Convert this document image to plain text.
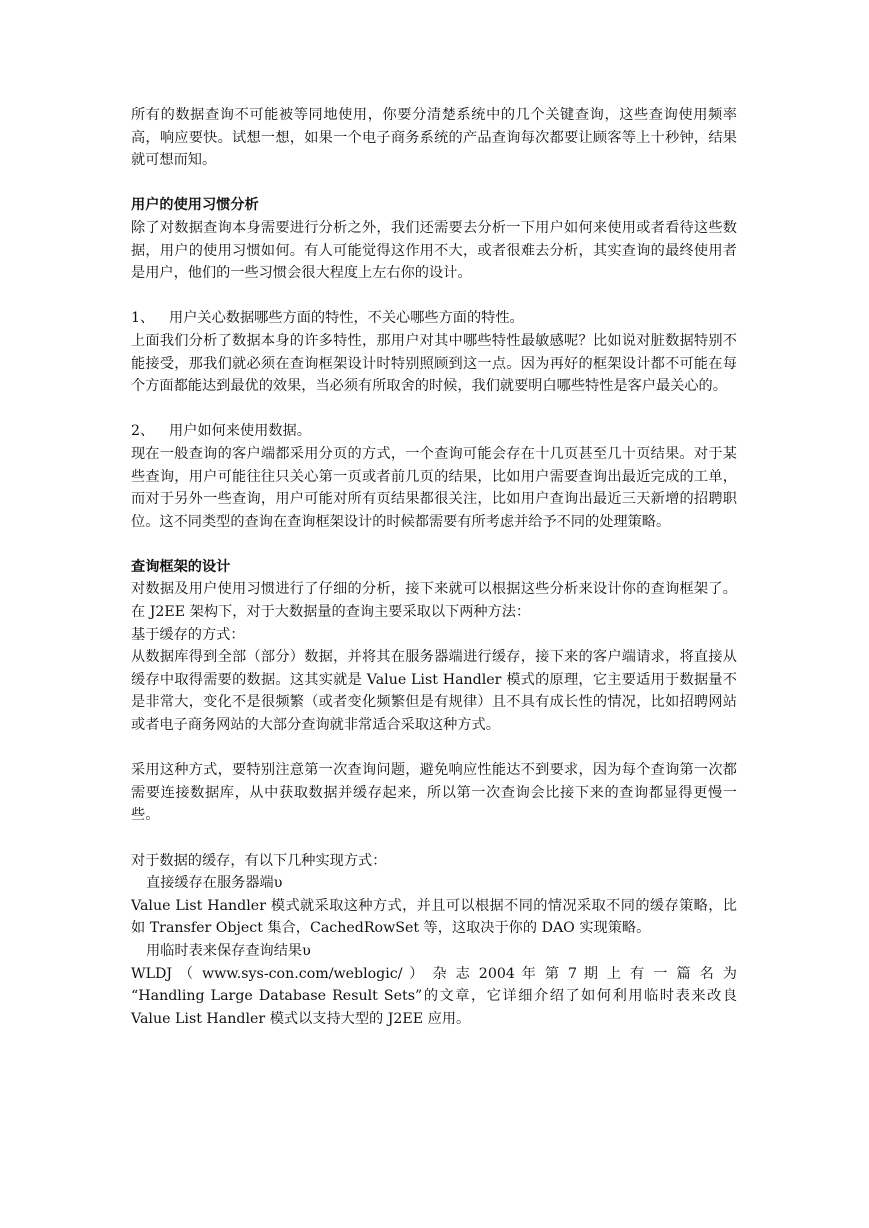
所有的数据查询不可能被等同地使用，你要分清楚系统中的几个关键查询，这些查询使用频率高，响应要快。试想一想，如果一个电子商务系统的产品查询每次都要让顾客等上十秒钟，结果就可想而知。

用户的使用习惯分析

除了对数据查询本身需要进行分析之外，我们还需要去分析一下用户如何来使用或者看待这些数据，用户的使用习惯如何。有人可能觉得这作用不大，或者很难去分析，其实查询的最终使用者是用户，他们的一些习惯会很大程度上左右你的设计。

1、 用户关心数据哪些方面的特性，不关心哪些方面的特性。

上面我们分析了数据本身的许多特性，那用户对其中哪些特性最敏感呢？比如说对脏数据特别不能接受，那我们就必须在查询框架设计时特别照顾到这一点。因为再好的框架设计都不可能在每个方面都能达到最优的效果，当必须有所取舍的时候，我们就要明白哪些特性是客户最关心的。

2、 用户如何来使用数据。

现在一般查询的客户端都采用分页的方式，一个查询可能会存在十几页甚至几十页结果。对于某些查询，用户可能往往只关心第一页或者前几页的结果，比如用户需要查询出最近完成的工单，而对于另外一些查询，用户可能对所有页结果都很关注，比如用户查询出最近三天新增的招聘职位。这不同类型的查询在查询框架设计的时候都需要有所考虑并给予不同的处理策略。

查询框架的设计

对数据及用户使用习惯进行了仔细的分析，接下来就可以根据这些分析来设计你的查询框架了。在 J2EE 架构下，对于大数据量的查询主要采取以下两种方法：

基于缓存的方式：

从数据库得到全部（部分）数据，并将其在服务器端进行缓存，接下来的客户端请求，将直接从缓存中取得需要的数据。这其实就是 Value List Handler 模式的原理，它主要适用于数据量不是非常大，变化不是很频繁（或者变化频繁但是有规律）且不具有成长性的情况，比如招聘网站或者电子商务网站的大部分查询就非常适合采取这种方式。

采用这种方式，要特别注意第一次查询问题，避免响应性能达不到要求，因为每个查询第一次都需要连接数据库，从中获取数据并缓存起来，所以第一次查询会比接下来的查询都显得更慢一些。

对于数据的缓存，有以下几种实现方式：

直接缓存在服务器端υ

Value List Handler 模式就采取这种方式，并且可以根据不同的情况采取不同的缓存策略，比如 Transfer Object 集合，CachedRowSet 等，这取决于你的 DAO 实现策略。

用临时表来保存查询结果υ

WLDJ （ www.sys-con.com/weblogic/ ） 杂 志 2004 年 第 7 期 上 有 一 篇 名 为

“Handling Large Database Result Sets”的文章，它详细介绍了如何利用临时表来改良

Value List Handler 模式以支持大型的 J2EE 应用。
